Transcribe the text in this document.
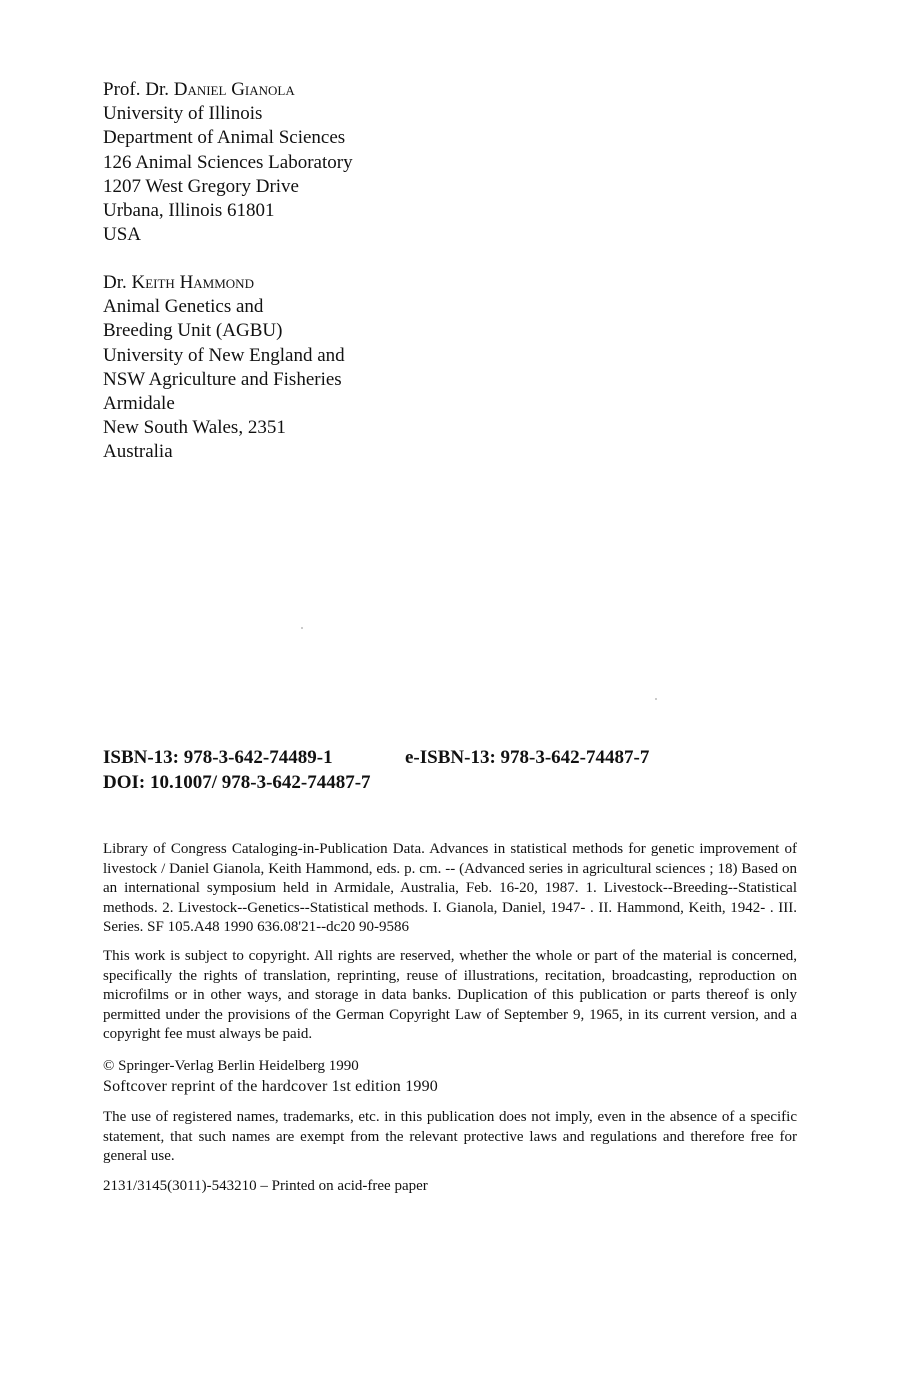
Prof. Dr. Daniel Gianola
University of Illinois
Department of Animal Sciences
126 Animal Sciences Laboratory
1207 West Gregory Drive
Urbana, Illinois 61801
USA
Dr. Keith Hammond
Animal Genetics and
Breeding Unit (AGBU)
University of New England and
NSW Agriculture and Fisheries
Armidale
New South Wales, 2351
Australia
ISBN-13: 978-3-642-74489-1	e-ISBN-13: 978-3-642-74487-7
DOI: 10.1007/ 978-3-642-74487-7
Library of Congress Cataloging-in-Publication Data. Advances in statistical methods for genetic improvement of livestock / Daniel Gianola, Keith Hammond, eds. p. cm. -- (Advanced series in agricultural sciences ; 18) Based on an international symposium held in Armidale, Australia, Feb. 16-20, 1987. 1. Livestock--Breeding--Statistical methods. 2. Livestock--Genetics--Statistical methods. I. Gianola, Daniel, 1947- . II. Hammond, Keith, 1942- . III. Series. SF 105.A48 1990 636.08'21--dc20 90-9586
This work is subject to copyright. All rights are reserved, whether the whole or part of the material is concerned, specifically the rights of translation, reprinting, reuse of illustrations, recitation, broadcasting, reproduction on microfilms or in other ways, and storage in data banks. Duplication of this publication or parts thereof is only permitted under the provisions of the German Copyright Law of September 9, 1965, in its current version, and a copyright fee must always be paid.
© Springer-Verlag Berlin Heidelberg 1990
Softcover reprint of the hardcover 1st edition 1990
The use of registered names, trademarks, etc. in this publication does not imply, even in the absence of a specific statement, that such names are exempt from the relevant protective laws and regulations and therefore free for general use.
2131/3145(3011)-543210 – Printed on acid-free paper
